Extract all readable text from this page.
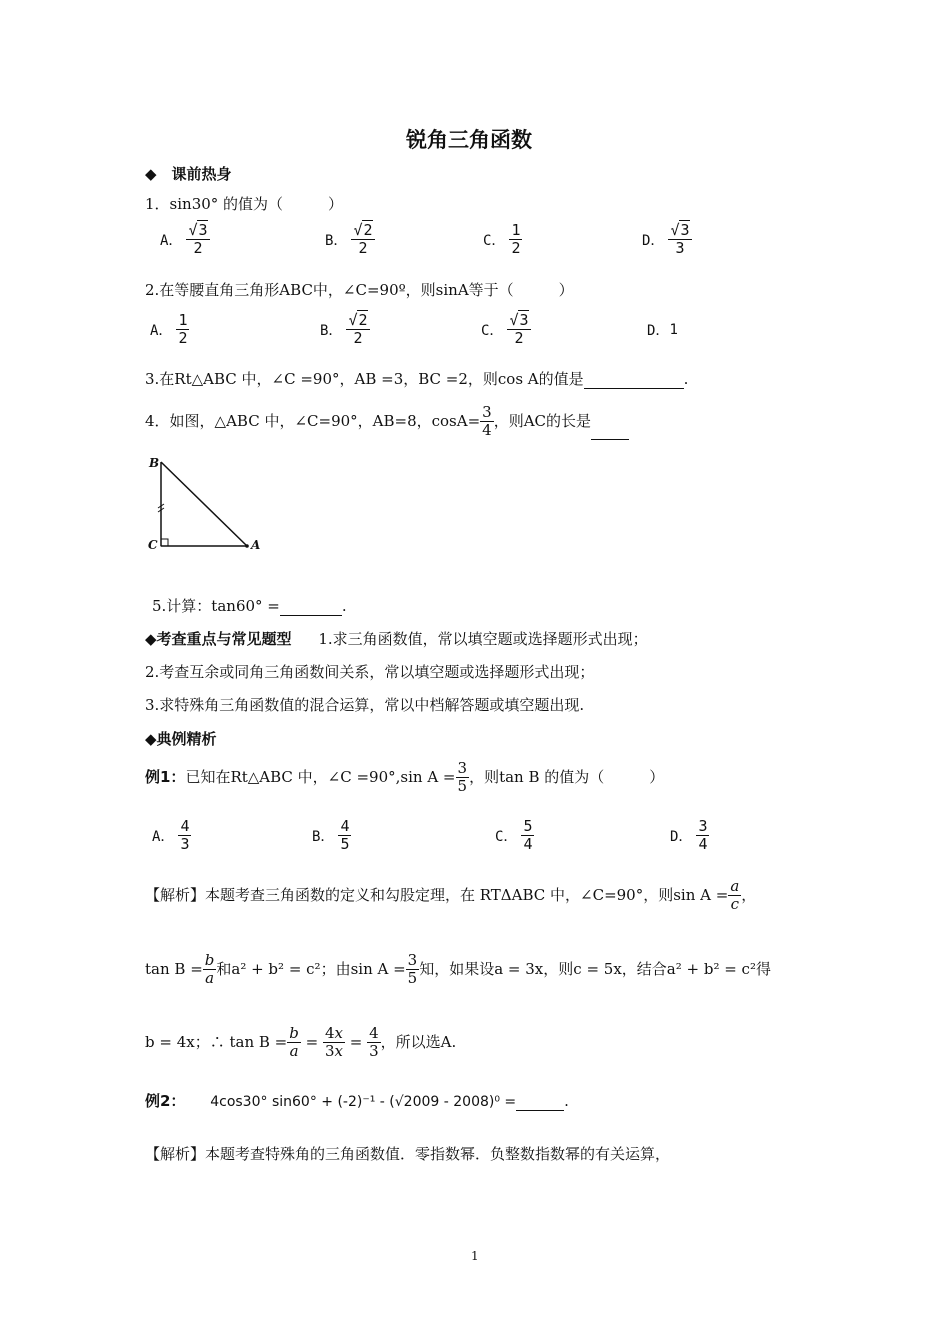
锐角三角函数
◆　课前热身
1．sin30° 的值为（　　　）
A． $\frac{√3}{2}$	B． $\frac{√2}{2}$	C． $\frac{1}{2}$	D． $\frac{√3}{3}$
2.在等腰直角三角形ABC中，∠C=90º，则sinA等于（　　　）
A． $\frac{1}{2}$	B． $\frac{√2}{2}$	C． $\frac{√3}{2}$	D．1
3.在Rt△ABC 中，∠C =90°，AB =3，BC =2，则cos A的值是	.
4．如图，△ABC 中，∠C=90°，AB=8，$\cos A= \frac{3}{4}$ ，则AC的长是
B
C	A
5.计算：tan60° =	.
◆考查重点与常见题型 1.求三角函数值，常以填空题或选择题形式出现；
2.考查互余或同角三角函数间关系，常以填空题或选择题形式出现；
3.求特殊角三角函数值的混合运算，常以中档解答题或填空题出现.
◆典例精析
例1：已知在Rt△ABC 中，∠C =90°,sin $A = \frac{3}{5}$ ，则tan B 的值为（　　　）
A． $\frac{4}{3}$	B． $\frac{4}{5}$	C． $\frac{5}{4}$	D． $\frac{3}{4}$
【解析】本题考查三角函数的定义和勾股定理，在 RTΔABC 中，∠C=90°，则$\sin A = \frac{a}{c}$ ，
$\tan B = \frac{b}{a}$ 和a² + b² = c²；由$\sin A = \frac{3}{5}$ 知，如果设a = 3x，则c = 5x，结合a² + b² = c²得
b = 4x；∴ $\tan B = \frac{b}{a} = \frac{4x}{3x} = \frac{4}{3}$ ，所以选A.
例2： 4cos30° sin60° + (-2)⁻¹ - (√2009 - 2008)⁰ =	.
【解析】本题考查特殊角的三角函数值．零指数幂．负整数指数幂的有关运算，
1
